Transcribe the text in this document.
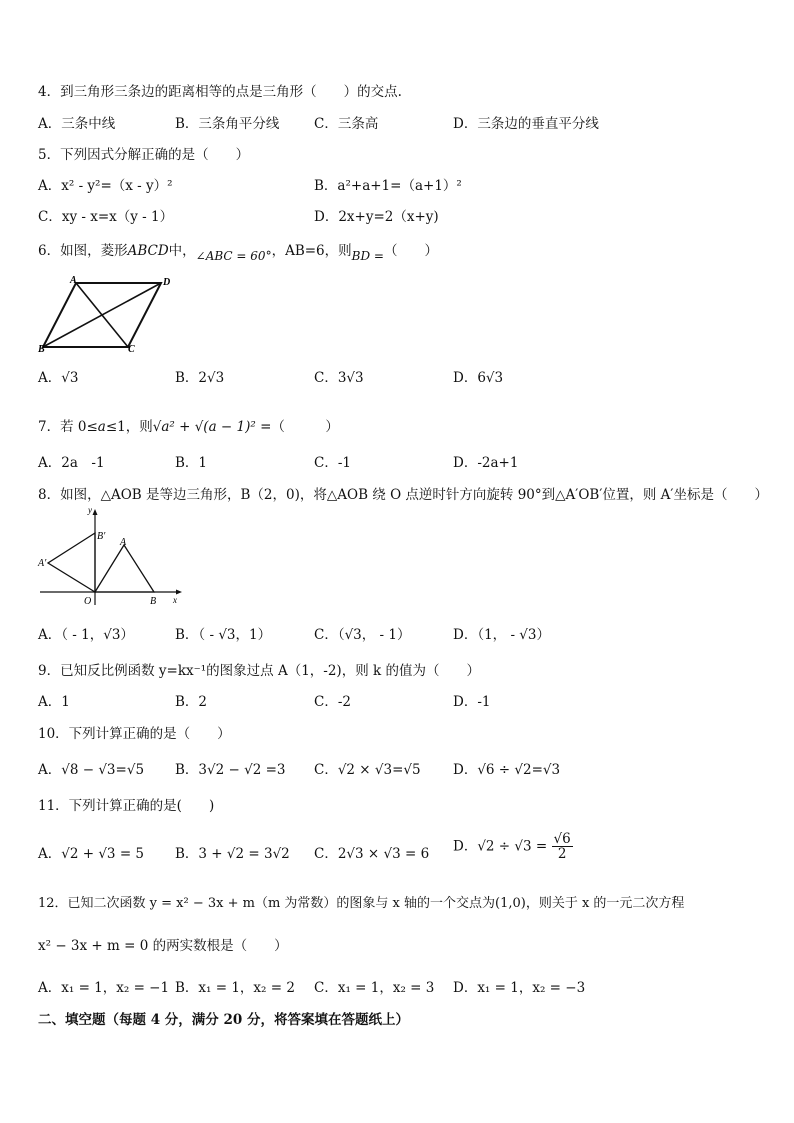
4．到三角形三条边的距离相等的点是三角形（　　）的交点.
A．三条中线	B．三条角平分线	C．三条高	D．三条边的垂直平分线
5．下列因式分解正确的是（　　）
A．x² - y²=（x - y）²	B．a²+a+1=（a+1）²
C．xy - x=x（y - 1）	D．2x+y=2（x+y)
6．如图，菱形ABCD中，∠ABC = 60°，AB=6，则BD =（　　）
A	D
B	C
A．√3	B．2√3	C．3√3	D．6√3
7．若 0≤a≤1，则√a² + √(a − 1)² =（　　　）
A．2a　-1	B．1	C．-1	D．-2a+1
8．如图，△AOB 是等边三角形，B（2，0)，将△AOB 绕 O 点逆时针方向旋转 90°到△A′OB′位置，则 A′坐标是（　　）
y
x
O
A
B
A′
B′
A．（ - 1，√3）	B．（ - √3，1）	C．（√3， - 1）	D．（1， - √3）
9．已知反比例函数 y=kx⁻¹的图象过点 A（1，-2)，则 k 的值为（　　）
A．1	B．2	C．-2	D．-1
10．下列计算正确的是（　　）
A．√8 − √3=√5 B．3√2 − √2 =3 C．√2 × √3=√5 D．√6 ÷ √2=√3
11．下列计算正确的是(　　)
A．√2 + √3 = 5 B．3 + √2 = 3√2 C．2√3 × √3 = 6 D．$√2 \div √3 = \frac{√6}{2}$
12．已知二次函数 y = x² − 3x + m（m 为常数）的图象与 x 轴的一个交点为(1,0)，则关于 x 的一元二次方程
x² − 3x + m = 0 的两实数根是（　　）
A．x₁ = 1，x₂ = −1 B．x₁ = 1，x₂ = 2 C．x₁ = 1，x₂ = 3 D．x₁ = 1，x₂ = −3
二、填空题（每题 4 分，满分 20 分，将答案填在答题纸上）
